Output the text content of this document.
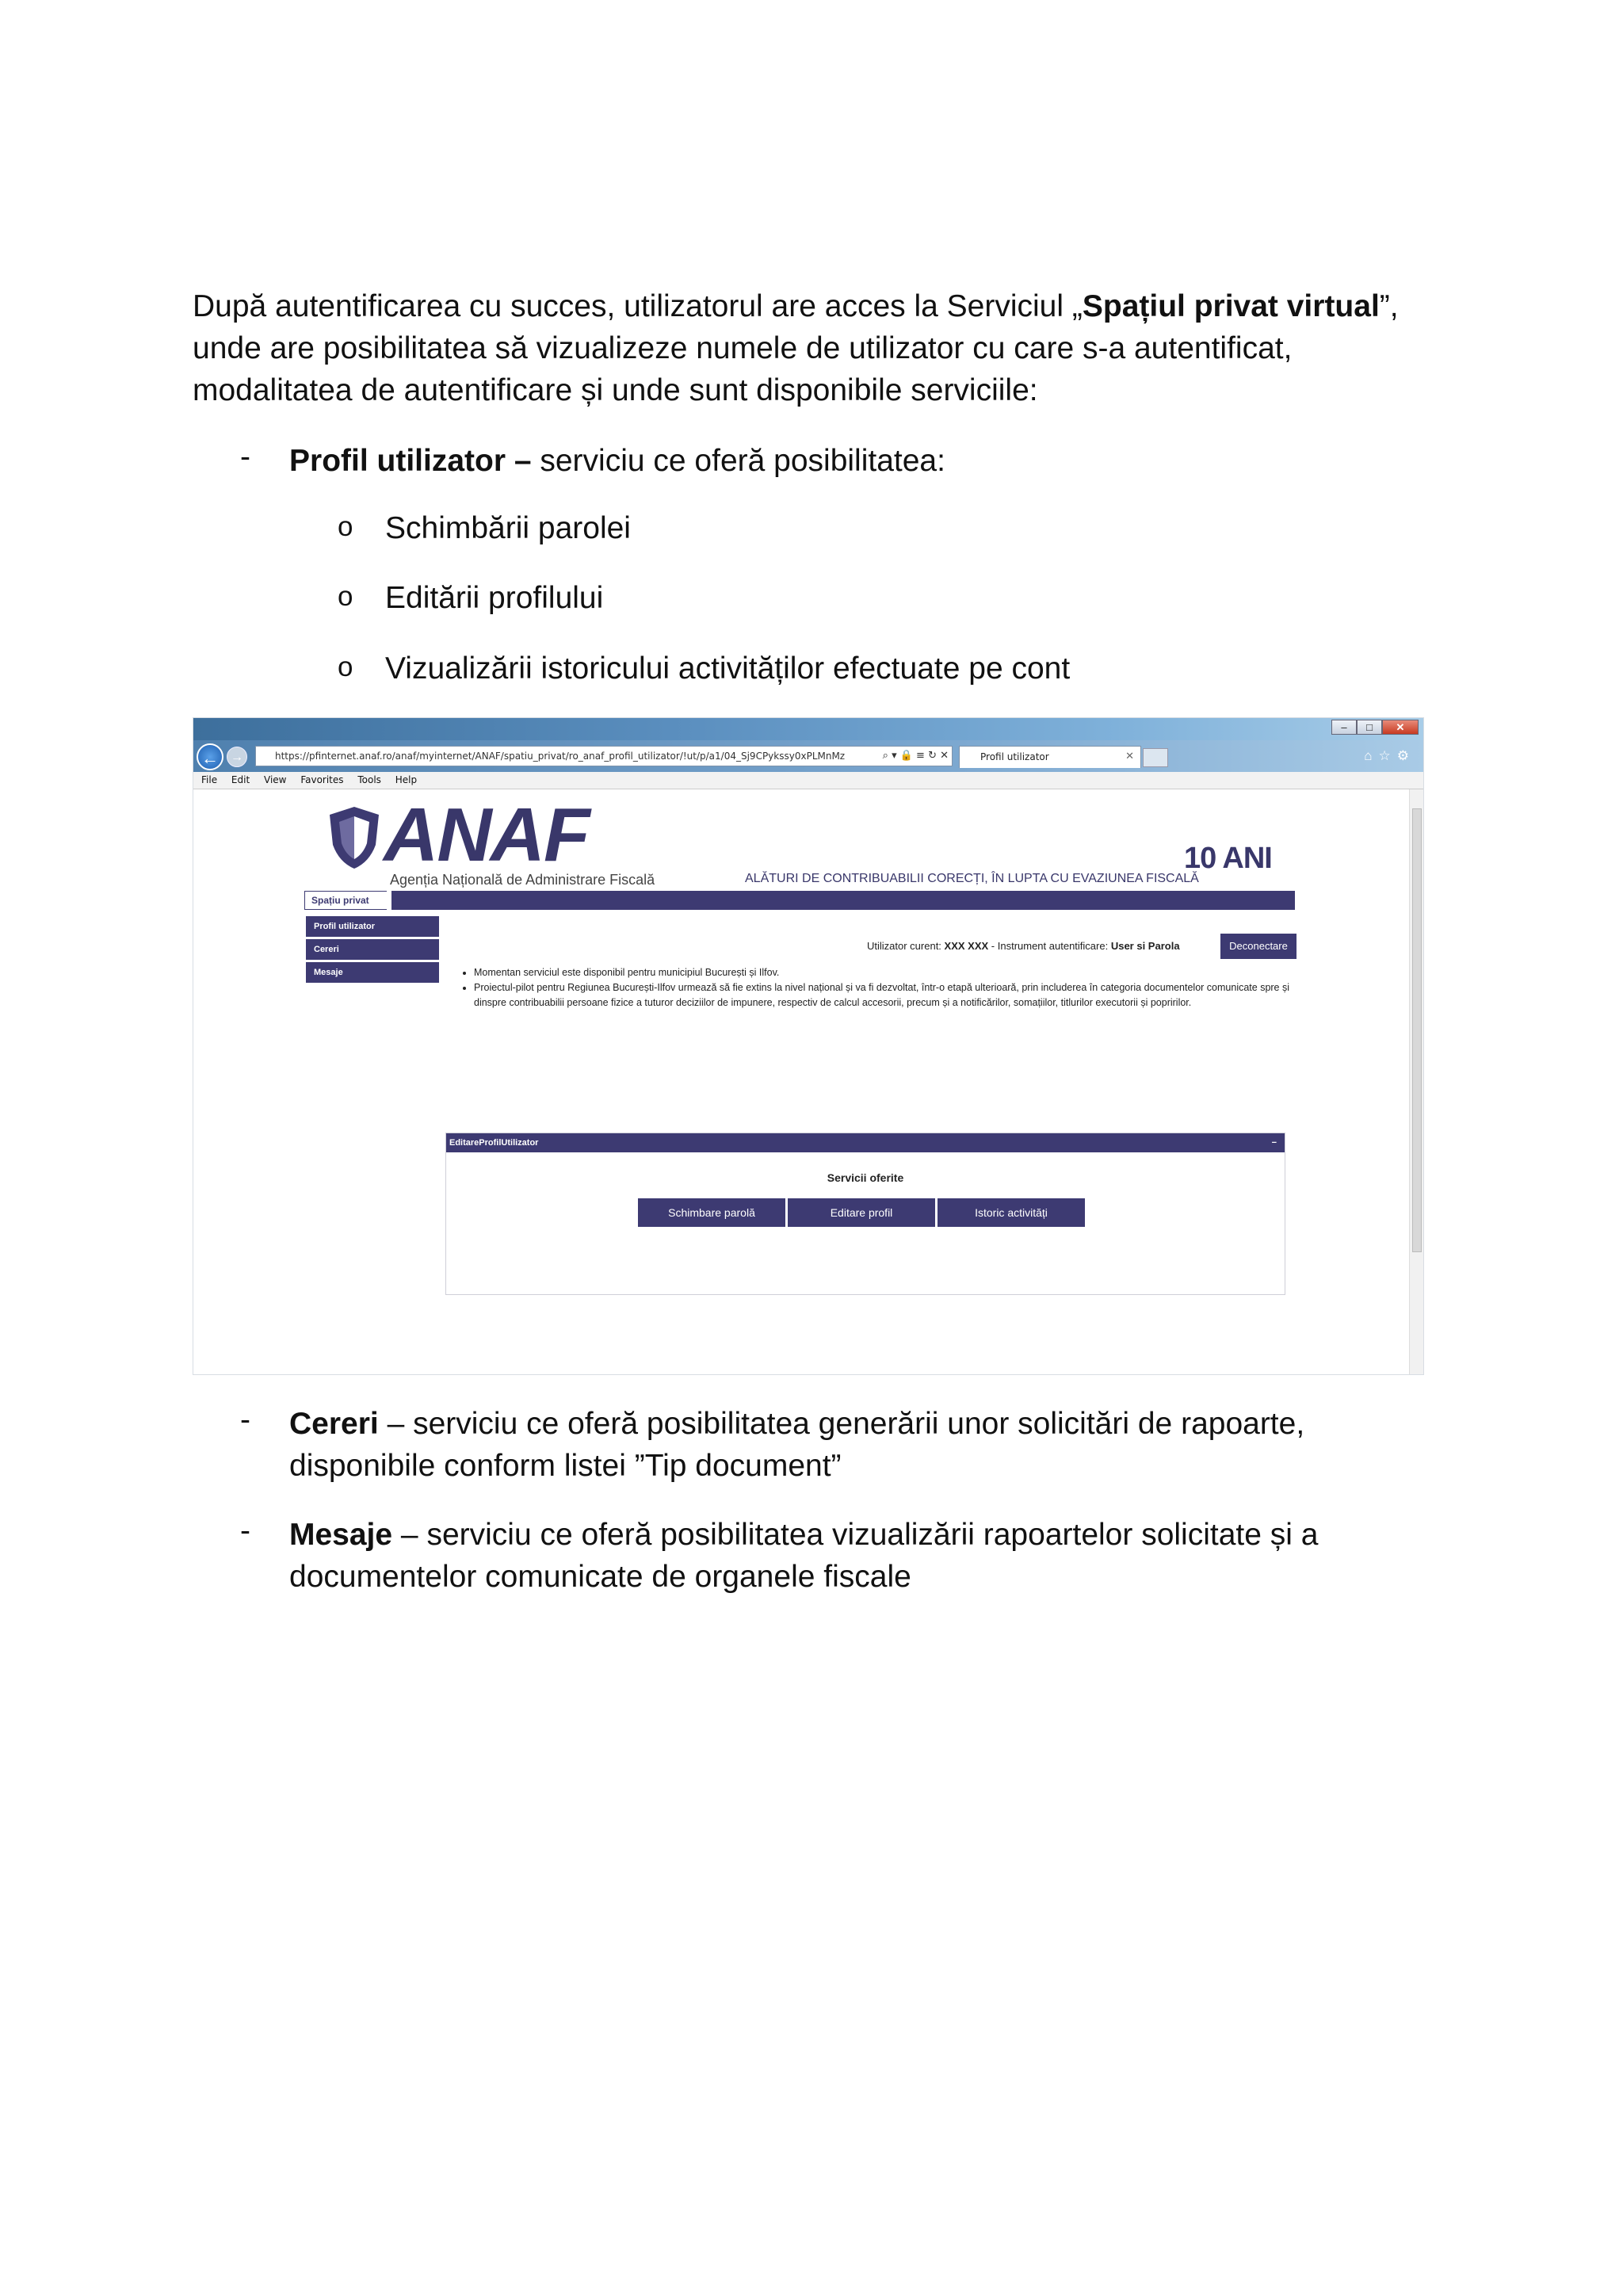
După autentificarea cu succes, utilizatorul are acces la Serviciul „Spațiul privat virtual”, unde are posibilitatea să vizualizeze numele de utilizator cu care s-a autentificat, modalitatea de autentificare și unde sunt disponibile serviciile:
- Profil utilizator – serviciu ce oferă posibilitatea:
o Schimbării parolei
o Editării profilului
o Vizualizării istoricului activităților efectuate pe cont
–	□	✕
← →	https://pfinternet.anaf.ro/anaf/myinternet/ANAF/spatiu_privat/ro_anaf_profil_utilizator/!ut/p/a1/04_Sj9CPykssy0xPLMnMz	⌕ ▾ 🔒 ≡ ↻ ✕	Profil utilizator	✕	⌂☆⚙
File Edit View Favorites Tools Help
ANAF
Agenția Națională de Administrare Fiscală
10 ANI
ALĂTURI DE CONTRIBUABILII CORECȚI, ÎN LUPTA CU EVAZIUNEA FISCALĂ
Spațiu privat
Profil utilizator
Cereri
Mesaje
Utilizator curent: XXX XXX - Instrument autentificare: User si Parola	Deconectare
• Momentan serviciul este disponibil pentru municipiul București și Ilfov.
• Proiectul-pilot pentru Regiunea București-Ilfov urmează să fie extins la nivel național și va fi dezvoltat, într-o etapă ulterioară, prin includerea în categoria documentelor comunicate spre și dinspre contribuabilii persoane fizice a tuturor deciziilor de impunere, respectiv de calcul accesorii, precum și a notificărilor, somațiilor, titlurilor executorii și popririlor.
EditareProfilUtilizator	−
Servicii oferite
Schimbare parolă	Editare profil	Istoric activități
- Cereri – serviciu ce oferă posibilitatea generării unor solicitări de rapoarte, disponibile conform listei ”Tip document”
- Mesaje – serviciu ce oferă posibilitatea vizualizării rapoartelor solicitate și a documentelor comunicate de organele fiscale
